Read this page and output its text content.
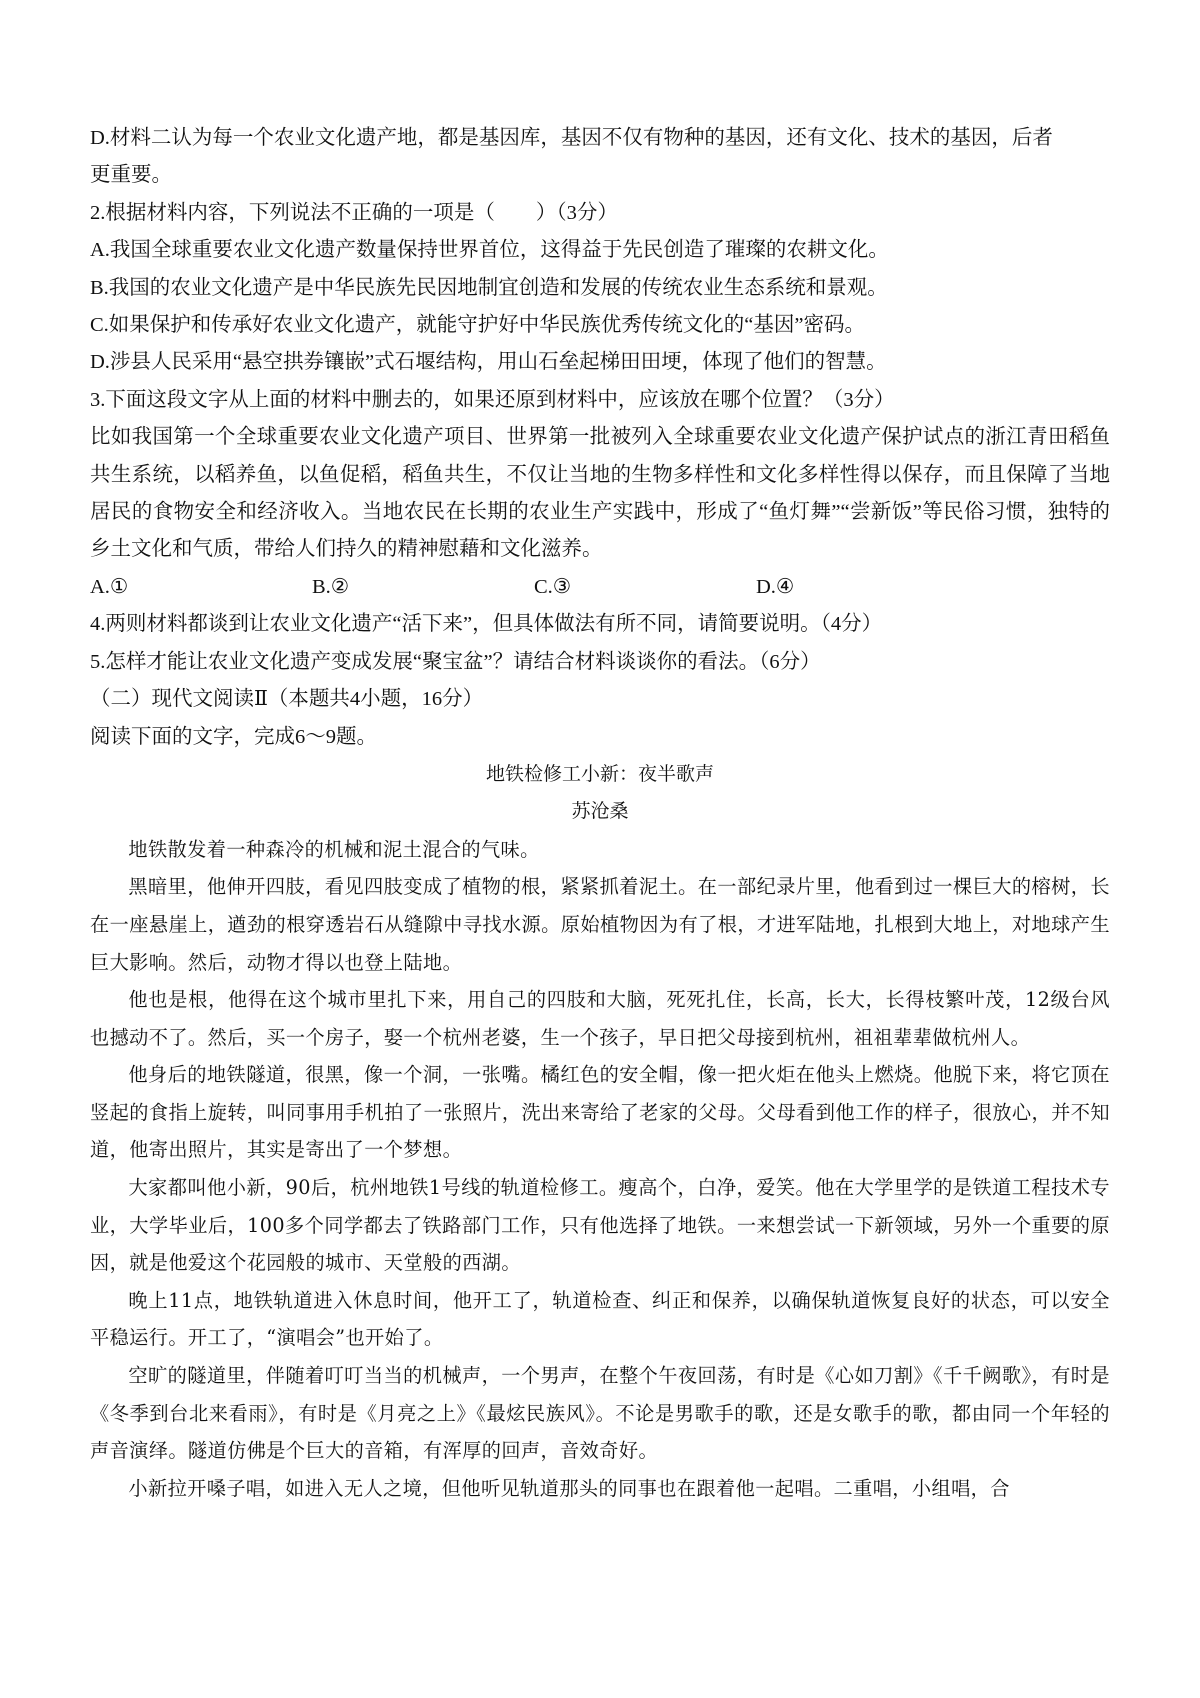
D.材料二认为每一个农业文化遗产地，都是基因库，基因不仅有物种的基因，还有文化、技术的基因，后者

更重要。

2.根据材料内容，下列说法不正确的一项是（　　）（3分）

A.我国全球重要农业文化遗产数量保持世界首位，这得益于先民创造了璀璨的农耕文化。

B.我国的农业文化遗产是中华民族先民因地制宜创造和发展的传统农业生态系统和景观。

C.如果保护和传承好农业文化遗产，就能守护好中华民族优秀传统文化的“基因”密码。

D.涉县人民采用“悬空拱券镶嵌”式石堰结构，用山石垒起梯田田埂，体现了他们的智慧。

3.下面这段文字从上面的材料中删去的，如果还原到材料中，应该放在哪个位置？（3分）

比如我国第一个全球重要农业文化遗产项目、世界第一批被列入全球重要农业文化遗产保护试点的浙江青田稻鱼共生系统，以稻养鱼，以鱼促稻，稻鱼共生，不仅让当地的生物多样性和文化多样性得以保存，而且保障了当地居民的食物安全和经济收入。当地农民在长期的农业生产实践中，形成了“鱼灯舞”“尝新饭”等民俗习惯，独特的乡土文化和气质，带给人们持久的精神慰藉和文化滋养。

A.①	B.②	C.③	D.④

4.两则材料都谈到让农业文化遗产“活下来”，但具体做法有所不同，请简要说明。（4分）

5.怎样才能让农业文化遗产变成发展“聚宝盆”？请结合材料谈谈你的看法。（6分）

（二）现代文阅读Ⅱ（本题共4小题，16分）

阅读下面的文字，完成6～9题。

地铁检修工小新：夜半歌声

苏沧桑

地铁散发着一种森冷的机械和泥土混合的气味。

黑暗里，他伸开四肢，看见四肢变成了植物的根，紧紧抓着泥土。在一部纪录片里，他看到过一棵巨大的榕树，长在一座悬崖上，遒劲的根穿透岩石从缝隙中寻找水源。原始植物因为有了根，才进军陆地，扎根到大地上，对地球产生巨大影响。然后，动物才得以也登上陆地。

他也是根，他得在这个城市里扎下来，用自己的四肢和大脑，死死扎住，长高，长大，长得枝繁叶茂，12级台风也撼动不了。然后，买一个房子，娶一个杭州老婆，生一个孩子，早日把父母接到杭州，祖祖辈辈做杭州人。

他身后的地铁隧道，很黑，像一个洞，一张嘴。橘红色的安全帽，像一把火炬在他头上燃烧。他脱下来，将它顶在竖起的食指上旋转，叫同事用手机拍了一张照片，洗出来寄给了老家的父母。父母看到他工作的样子，很放心，并不知道，他寄出照片，其实是寄出了一个梦想。

大家都叫他小新，90后，杭州地铁1号线的轨道检修工。瘦高个，白净，爱笑。他在大学里学的是铁道工程技术专业，大学毕业后，100多个同学都去了铁路部门工作，只有他选择了地铁。一来想尝试一下新领域，另外一个重要的原因，就是他爱这个花园般的城市、天堂般的西湖。

晚上11点，地铁轨道进入休息时间，他开工了，轨道检查、纠正和保养，以确保轨道恢复良好的状态，可以安全平稳运行。开工了，“演唱会”也开始了。

空旷的隧道里，伴随着叮叮当当的机械声，一个男声，在整个午夜回荡，有时是《心如刀割》《千千阙歌》，有时是《冬季到台北来看雨》，有时是《月亮之上》《最炫民族风》。不论是男歌手的歌，还是女歌手的歌，都由同一个年轻的声音演绎。隧道仿佛是个巨大的音箱，有浑厚的回声，音效奇好。

小新拉开嗓子唱，如进入无人之境，但他听见轨道那头的同事也在跟着他一起唱。二重唱，小组唱，合
